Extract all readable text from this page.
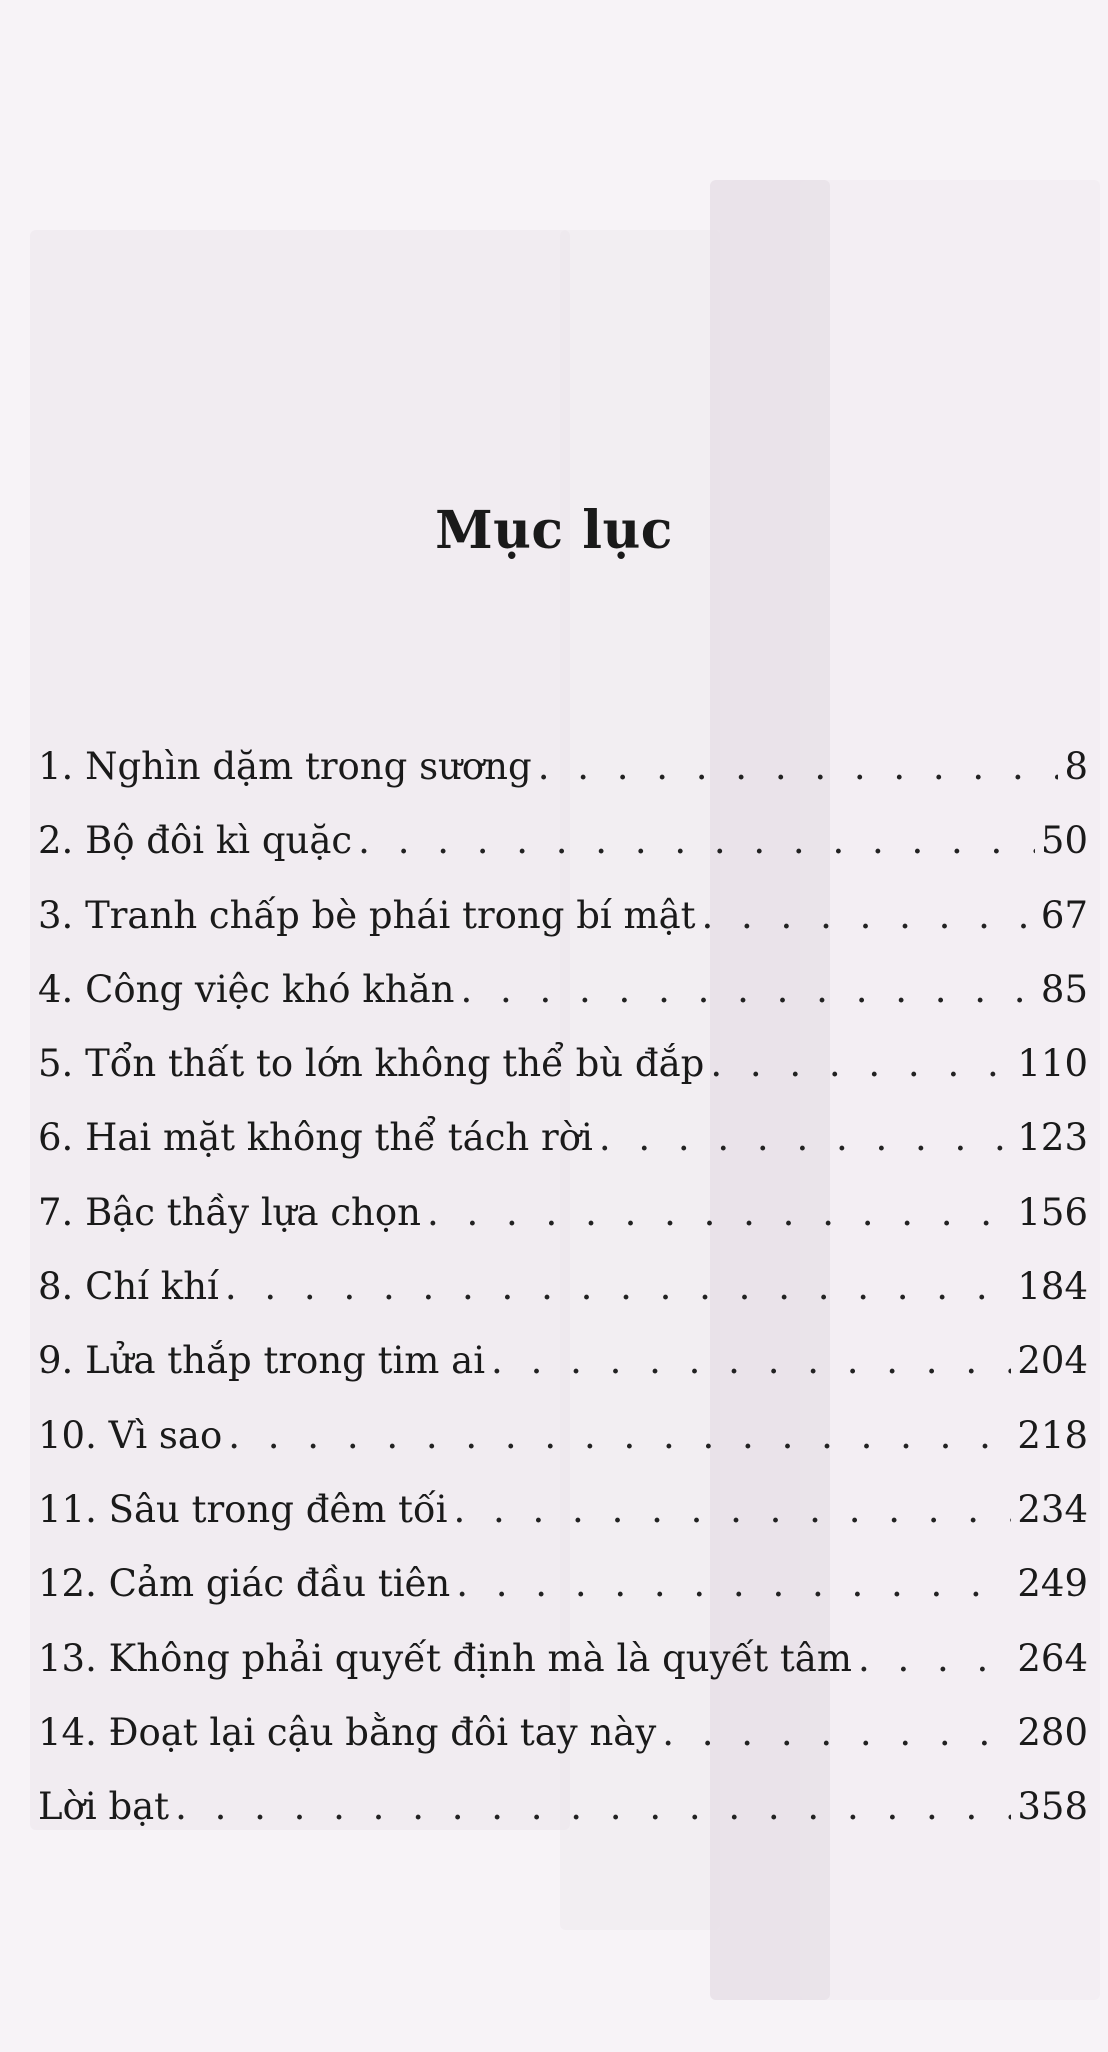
Mục lục
1. Nghìn dặm trong sương . . .	8
2. Bộ đôi kì quặc . . .	50
3. Tranh chấp bè phái trong bí mật . . .	67
4. Công việc khó khăn . . .	85
5. Tổn thất to lớn không thể bù đắp . . .	110
6. Hai mặt không thể tách rời . . .	123
7. Bậc thầy lựa chọn . . .	156
8. Chí khí . . .	184
9. Lửa thắp trong tim ai . . .	204
10. Vì sao . . .	218
11. Sâu trong đêm tối . . .	234
12. Cảm giác đầu tiên . . .	249
13. Không phải quyết định mà là quyết tâm . . .	264
14. Đoạt lại cậu bằng đôi tay này . . .	280
Lời bạt . . .	358
